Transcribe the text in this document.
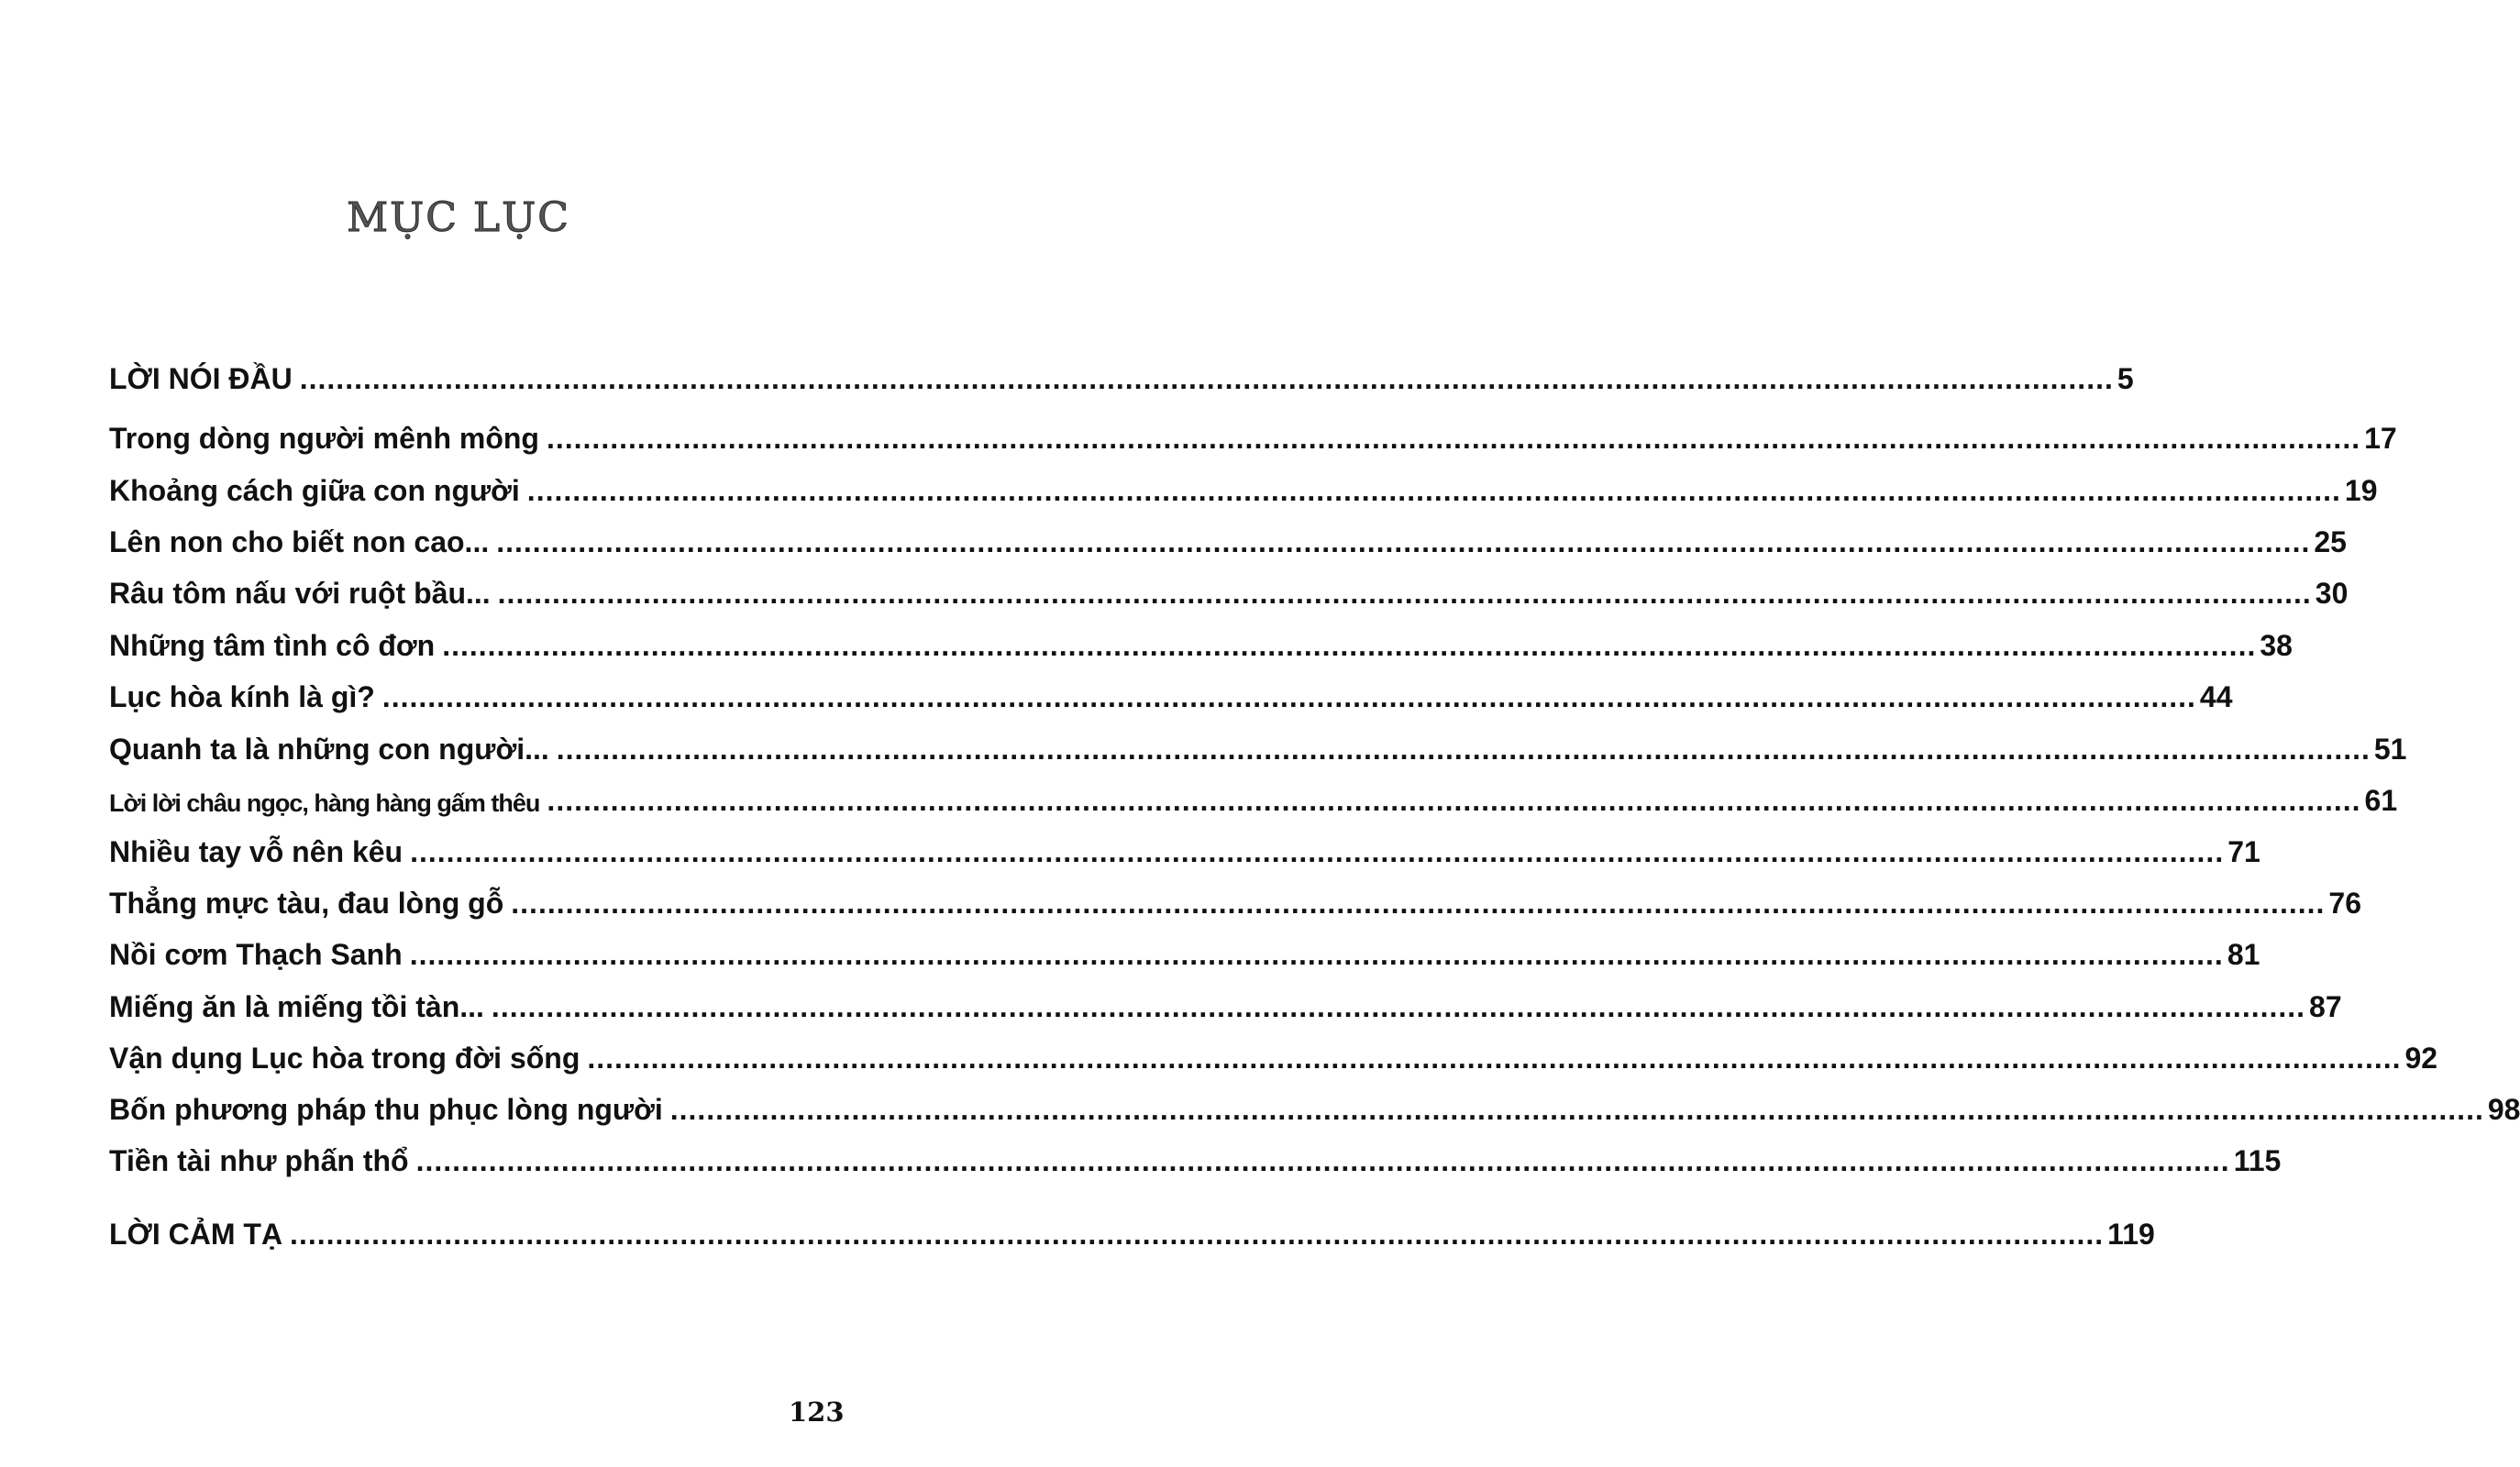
MỤC LỤC
LỜI NÓI ĐẦU ........................................................................................................................................................................................................ 5
Trong dòng người mênh mông ........................................................................................................................................................................................................ 17
Khoảng cách giữa con người ........................................................................................................................................................................................................ 19
Lên non cho biết non cao... ........................................................................................................................................................................................................ 25
Râu tôm nấu với ruột bầu... ........................................................................................................................................................................................................ 30
Những tâm tình cô đơn ........................................................................................................................................................................................................ 38
Lục hòa kính là gì? ........................................................................................................................................................................................................ 44
Quanh ta là những con người... ........................................................................................................................................................................................................ 51
Lời lời châu ngọc, hàng hàng gấm thêu ........................................................................................................................................................................................................ 61
Nhiều tay vỗ nên kêu ........................................................................................................................................................................................................ 71
Thẳng mực tàu, đau lòng gỗ ........................................................................................................................................................................................................ 76
Nồi cơm Thạch Sanh ........................................................................................................................................................................................................ 81
Miếng ăn là miếng tồi tàn... ........................................................................................................................................................................................................ 87
Vận dụng Lục hòa trong đời sống ........................................................................................................................................................................................................ 92
Bốn phương pháp thu phục lòng người ........................................................................................................................................................................................................ 98
Tiền tài như phấn thổ ........................................................................................................................................................................................................ 115
LỜI CẢM TẠ ........................................................................................................................................................................................................ 119
123
